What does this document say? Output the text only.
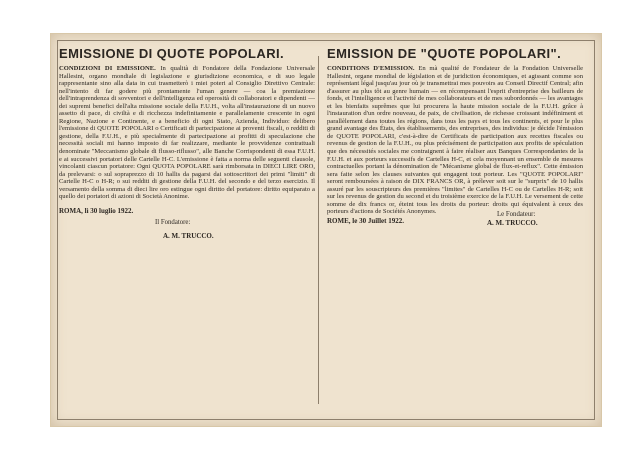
EMISSIONE DI QUOTE POPOLARI.

CONDIZIONI DI EMISSIONE. In qualità di Fondatore della Fondazione Universale Hallesint, organo mondiale di legislazione e giurisdizione economica, e di suo legale rappresentante sino alla data in cui trasmetterò i miei poteri al Consiglio Direttivo Centrale: nell'intento di far godere più prontamente l'uman genere — coa la premiazione dell'intraprendenza di sovventori e dell'intelligenza ed operosità di collaboratori e dipendenti — dei supremi benefici dell'alta missione sociale della F.U.H., volta all'instaurazione di un nuovo assetto di pace, di civiltà e di ricchezza indefinitamente e parallelamente crescente in ogni Regione, Nazione e Continente, e a beneficio di ogni Stato, Azienda, Individuo: delibero l'emissione di QUOTE POPOLARI o Certificati di partecipazione ai proventi fiscali, o redditi di gestione, della F.U.H., e più specialmente di partecipazione ai profitti di speculazione che necessità sociali mi hanno imposto di far realizzare, mediante le provvidenze contrattuali denominate "Meccanismo globale di flusso-riflusso", alle Banche Corrispondenti di essa F.U.H. e ai successivi portatori delle Cartelle H-C. L'emissione è fatta a norma delle seguenti clausole, vincolanti ciascun portatore: Ogni QUOTA POPOLARE sarà rimborsata in DIECI LIRE ORO, da prelevarsi: o sul sopraprezzo di 10 hallis da pagarsi dai sottoscrittori dei primi "limiti" di Cartelle H-C o H-R; o sui redditi di gestione della F.U.H. del secondo e del terzo esercizio. Il versamento della somma di dieci lire oro estingue ogni diritto del portatore: diritto equiparato a quello dei portatori di azioni di Società Anonime.

ROMA, lì 30 luglio 1922.
Il Fondatore:
A. M. TRUCCO.
EMISSION DE "QUOTE POPOLARI".

CONDITIONS D'EMISSION. En mà qualité de Fondateur de la Fondation Universelle Hallesint, organe mondial de législation et de juridiction économiques, et agissant comme son représentant légal jusqu'au jour où je transmettrai mes pouvoirs au Conseil Directif Central; afin d'assurer au plus tôt au genre humain — en récompensant l'esprit d'entreprise des bailleurs de fonds, et l'intelligence et l'activité de mes collaborateurs et de mes subordonnés — les avantages et les bienfaits suprêmes que lui procurera la haute mission sociale de la F.U.H. grâce à l'instauration d'un ordre nouveau, de paix, de civilisation, de richesse croissant indéfiniment et parallèlement dans toutes les régions, dans tous les pays et tous les continents, et pour le plus grand avantage des États, des établissements, des entreprises, des individus: je décide l'émission de QUOTE POPOLARI, c'est-à-dire de Certificats de participation aux recettes fiscales ou revenus de gestion de la F.U.H., ou plus précisément de participation aux profits de spéculation que des nécessités sociales me contraignent à faire réaliser aux Banques Correspondantes de la F.U.H. et aux porteurs successifs de Cartelles H-C, et cela moyennant un ensemble de mesures contractuelles portant la dénomination de "Mécanisme global de flux-et-reflux". Cette émission sera faite selon les clauses suivantes qui engagent tout porteur. Les "QUOTE POPOLARI" seront remboursées à raison de DIX FRANCS OR, à prélever soit sur le "surprix" de 10 hallis assuré par les souscripteurs des premières "limites" de Cartelles H-C ou de Cartelles H-R; soit sur les revenus de gestion du second et du troisième exercice de la F.U.H. Le versement de cette somme de dix francs or, éteint tous les droits du porteur: droits qui équivalent à ceux des porteurs d'actions de Sociétés Anonymes.

ROME, le 30 Juillet 1922.
Le Fondateur:
A. M. TRUCCO.
